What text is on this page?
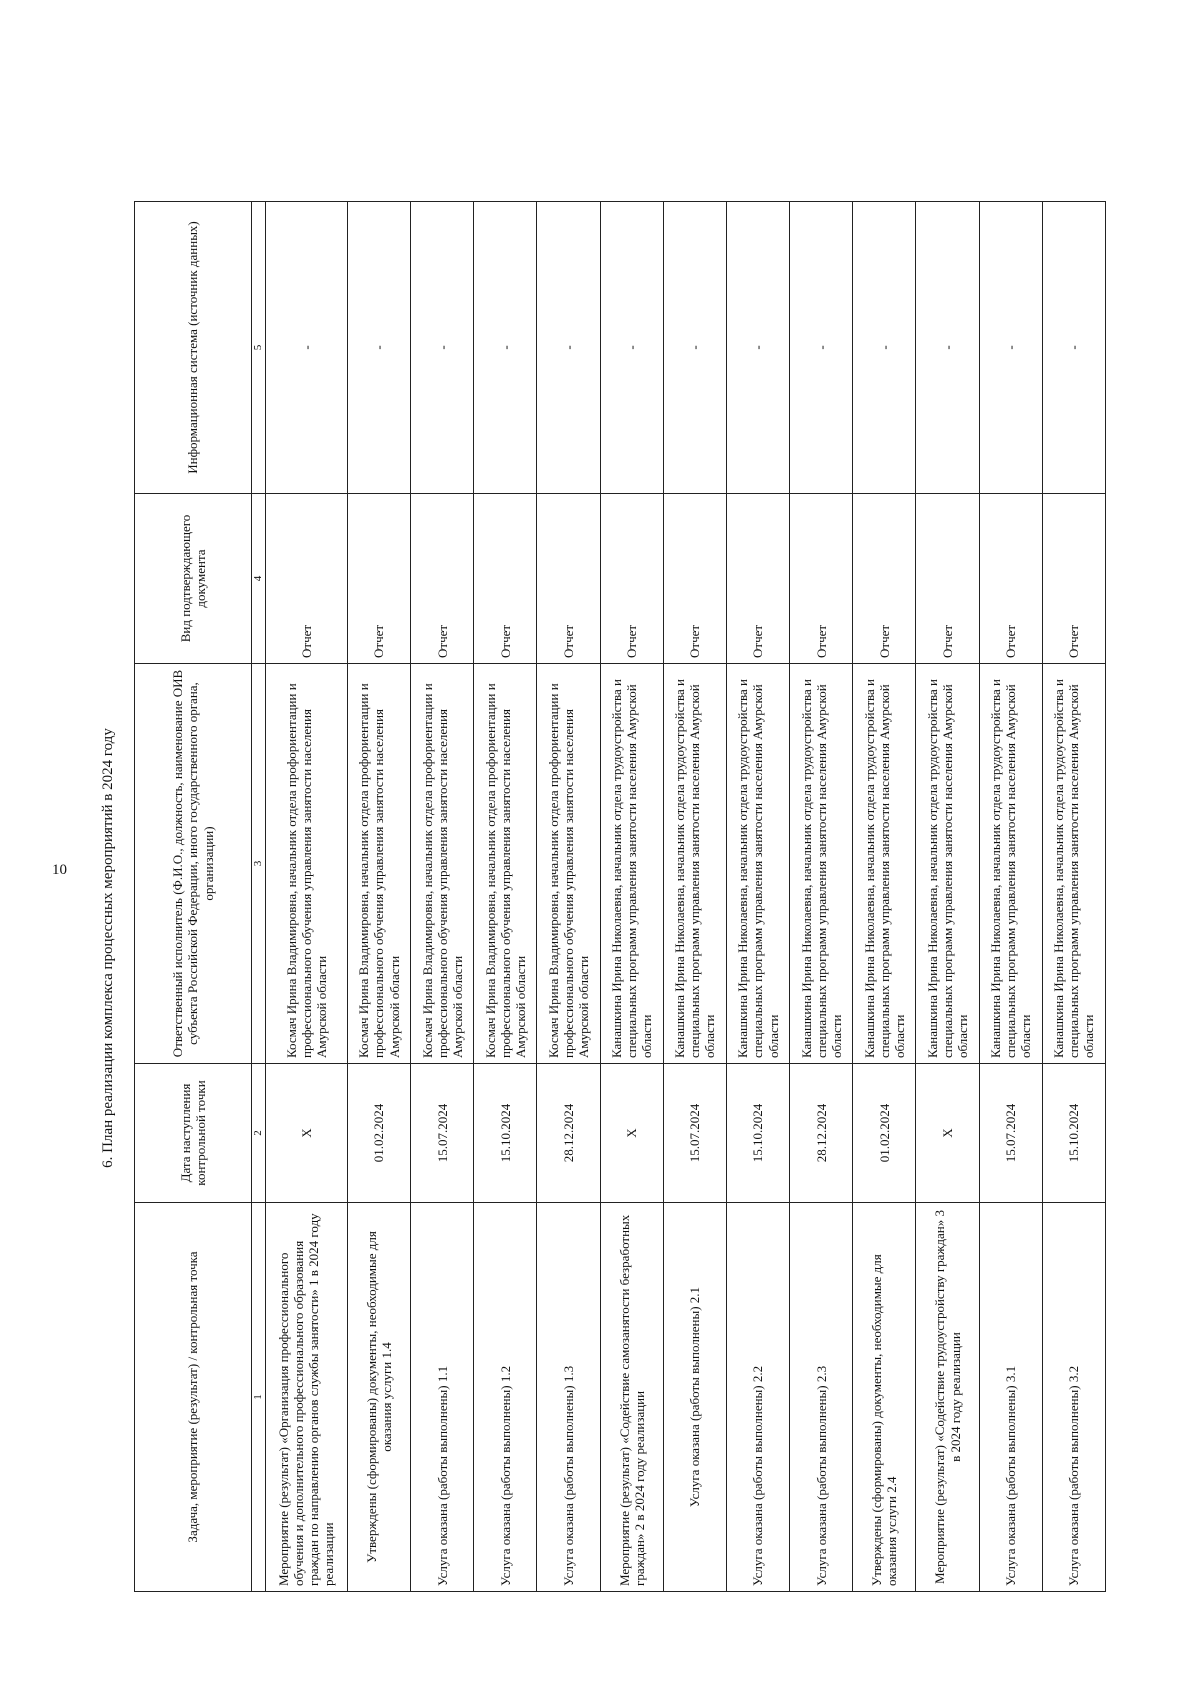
10 6. План реализации комплекса процессных мероприятий в 2024 году
Задача, мероприятие (результат) / контрольная точка	Дата наступления контрольной точки	Ответственный исполнитель (Ф.И.О., должность, наименование ОИВ субъекта Российской Федерации, иного государственного органа, организации)	Вид подтверждающего документа	Информационная система (источник данных)
1	2	3	4	5
Мероприятие (результат) «Организация профессионального обучения и дополнительного профессионального образования граждан по направлению органов службы занятости» 1 в 2024 году реализации	X	Космач Ирина Владимировна, начальник отдела профориентации и профессионального обучения управления занятости населения Амурской области	Отчет	-
Утверждены (сформированы) документы, необходимые для оказания услуги 1.4	01.02.2024	Космач Ирина Владимировна, начальник отдела профориентации и профессионального обучения управления занятости населения Амурской области	Отчет	-
Услуга оказана (работы выполнены) 1.1	15.07.2024	Космач Ирина Владимировна, начальник отдела профориентации и профессионального обучения управления занятости населения Амурской области	Отчет	-
Услуга оказана (работы выполнены) 1.2	15.10.2024	Космач Ирина Владимировна, начальник отдела профориентации и профессионального обучения управления занятости населения Амурской области	Отчет	-
Услуга оказана (работы выполнены) 1.3	28.12.2024	Космач Ирина Владимировна, начальник отдела профориентации и профессионального обучения управления занятости населения Амурской области	Отчет	-
Мероприятие (результат) «Содействие самозанятости безработных граждан» 2 в 2024 году реализации	X	Канашкина Ирина Николаевна, начальник отдела трудоустройства и специальных программ управления занятости населения Амурской области	Отчет	-
Услуга оказана (работы выполнены) 2.1	15.07.2024	Канашкина Ирина Николаевна, начальник отдела трудоустройства и специальных программ управления занятости населения Амурской области	Отчет	-
Услуга оказана (работы выполнены) 2.2	15.10.2024	Канашкина Ирина Николаевна, начальник отдела трудоустройства и специальных программ управления занятости населения Амурской области	Отчет	-
Услуга оказана (работы выполнены) 2.3	28.12.2024	Канашкина Ирина Николаевна, начальник отдела трудоустройства и специальных программ управления занятости населения Амурской области	Отчет	-
Утверждены (сформированы) документы, необходимые для оказания услуги 2.4	01.02.2024	Канашкина Ирина Николаевна, начальник отдела трудоустройства и специальных программ управления занятости населения Амурской области	Отчет	-
Мероприятие (результат) «Содействие трудоустройству граждан» 3 в 2024 году реализации	X	Канашкина Ирина Николаевна, начальник отдела трудоустройства и специальных программ управления занятости населения Амурской области	Отчет	-
Услуга оказана (работы выполнены) 3.1	15.07.2024	Канашкина Ирина Николаевна, начальник отдела трудоустройства и специальных программ управления занятости населения Амурской области	Отчет	-
Услуга оказана (работы выполнены) 3.2	15.10.2024	Канашкина Ирина Николаевна, начальник отдела трудоустройства и специальных программ управления занятости населения Амурской области	Отчет	-
